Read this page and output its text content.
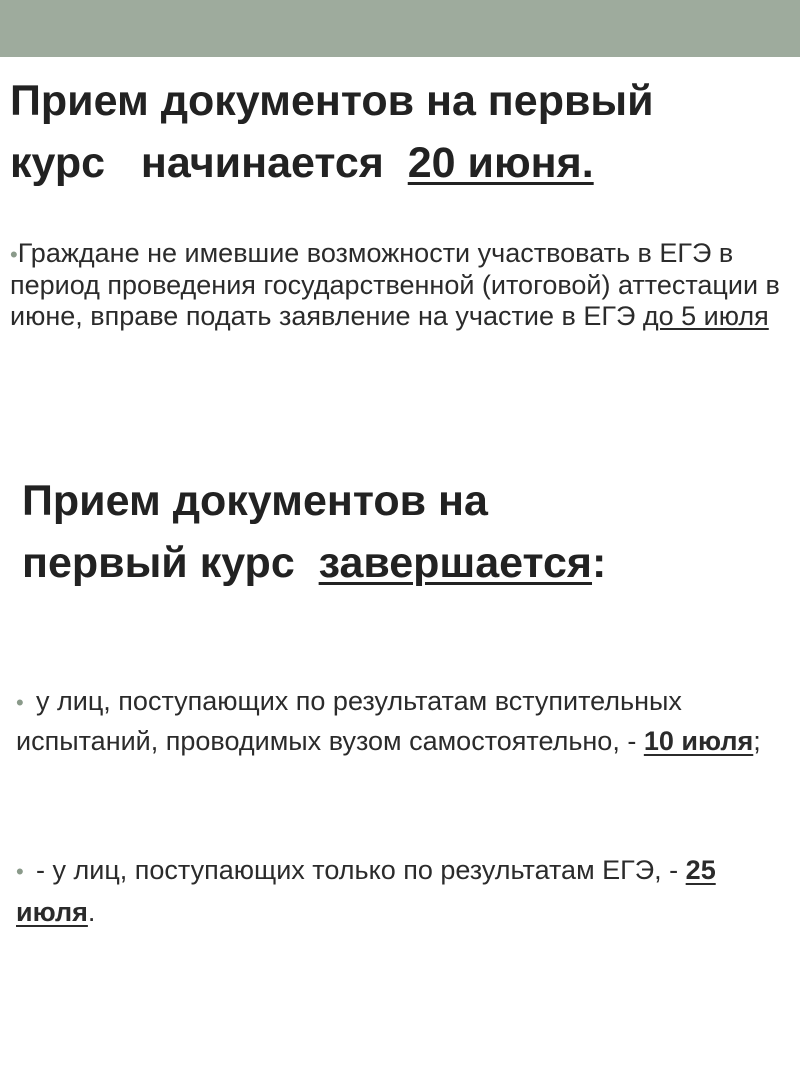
Прием документов на первый
курс   начинается  20 июня.

•Граждане не имевшие возможности участвовать в ЕГЭ в период проведения государственной (итоговой) аттестации в июне, вправе подать заявление на участие в ЕГЭ до 5 июля

Прием документов на
первый курс  завершается:

• у лиц, поступающих по результатам вступительных испытаний, проводимых вузом самостоятельно, - 10 июля;

• - у лиц, поступающих только по результатам ЕГЭ, - 25 июля.
